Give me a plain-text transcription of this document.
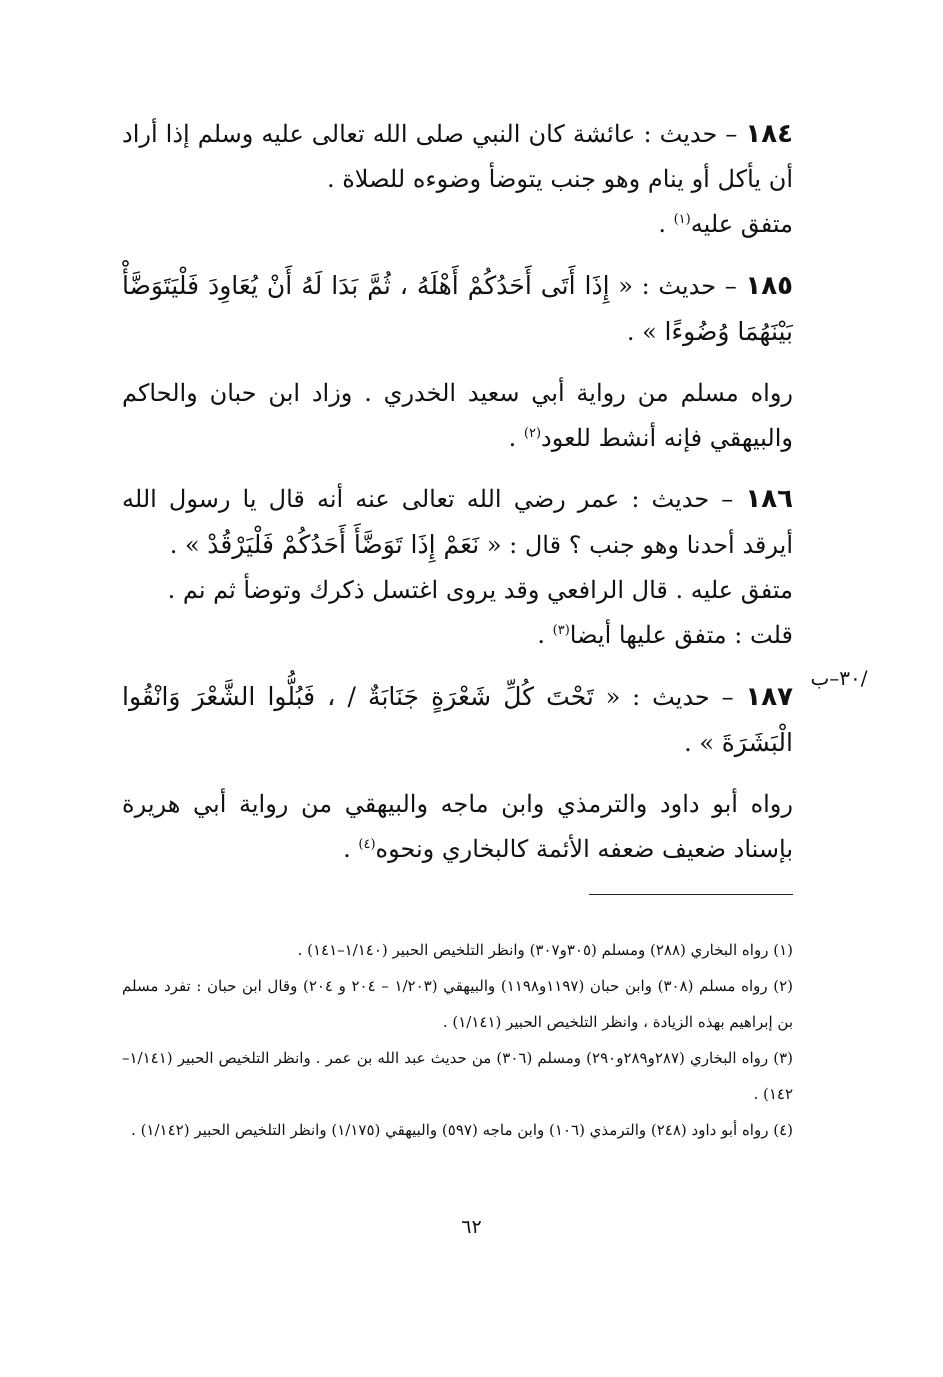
١٨٤ – حديث : عائشة كان النبي صلى الله تعالى عليه وسلم إذا أراد أن يأكل أو ينام وهو جنب يتوضأ وضوءه للصلاة .

متفق عليه$^{(١)}$ .

١٨٥ – حديث : « إِذَا أَتَى أَحَدُكُمْ أَهْلَهُ ، ثُمَّ بَدَا لَهُ أَنْ يُعَاوِدَ فَلْيَتَوَضَّأْ بَيْنَهُمَا وُضُوءًا » .

رواه مسلم من رواية أبي سعيد الخدري . وزاد ابن حبان والحاكم والبيهقي فإنه أنشط للعود$^{(٢)}$ .

١٨٦ – حديث : عمر رضي الله تعالى عنه أنه قال يا رسول الله أيرقد أحدنا وهو جنب ؟ قال : « نَعَمْ إِذَا تَوَضَّأَ أَحَدُكُمْ فَلْيَرْقُدْ » .

متفق عليه . قال الرافعي وقد يروى اغتسل ذكرك وتوضأ ثم نم .

قلت : متفق عليها أيضا$^{(٣)}$ .

١٨٧ – حديث : « تَحْتَ كُلِّ شَعْرَةٍ جَنَابَةٌ / ، فَبُلُّوا الشَّعْرَ وَانْقُوا الْبَشَرَةَ » .

رواه أبو داود والترمذي وابن ماجه والبيهقي من رواية أبي هريرة بإسناد ضعيف ضعفه الأئمة كالبخاري ونحوه$^{(٤)}$ .

/٣٠–ب

(١) رواه البخاري (٢٨٨) ومسلم (٣٠٥و٣٠٧) وانظر التلخيص الحبير (١/١٤٠–١٤١) .

(٢) رواه مسلم (٣٠٨) وابن حبان (١١٩٧و١١٩٨) والبيهقي (١/٢٠٣ – ٢٠٤ و ٢٠٤) وقال ابن حبان : تفرد مسلم بن إبراهيم بهذه الزيادة ، وانظر التلخيص الحبير (١/١٤١) .

(٣) رواه البخاري (٢٨٧و٢٨٩و٢٩٠) ومسلم (٣٠٦) من حديث عبد الله بن عمر . وانظر التلخيص الحبير (١/١٤١–١٤٢) .

(٤) رواه أبو داود (٢٤٨) والترمذي (١٠٦) وابن ماجه (٥٩٧) والبيهقي (١/١٧٥) وانظر التلخيص الحبير (١/١٤٢) .

٦٢
